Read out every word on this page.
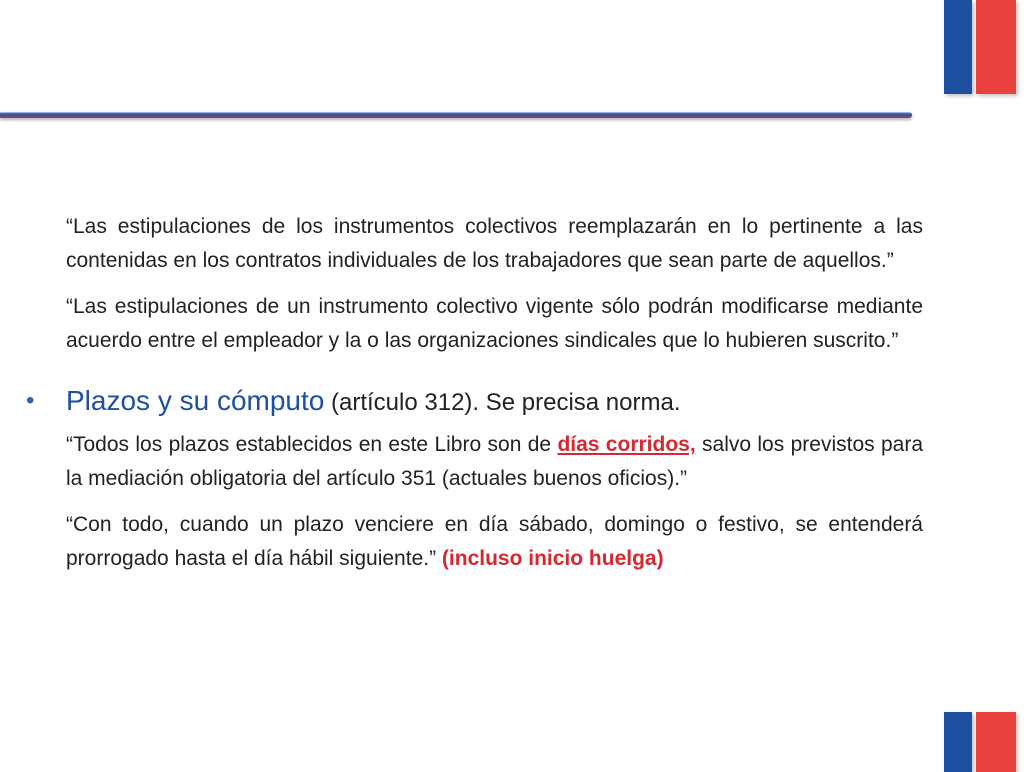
“Las estipulaciones de los instrumentos colectivos reemplazarán en lo pertinente a las contenidas en los contratos individuales de los trabajadores que sean parte de aquellos.”

“Las estipulaciones de un instrumento colectivo vigente sólo podrán modificarse mediante acuerdo entre el empleador y la o las organizaciones sindicales que lo hubieren suscrito.”

• Plazos y su cómputo (artículo 312). Se precisa norma.

“Todos los plazos establecidos en este Libro son de días corridos, salvo los previstos para la mediación obligatoria del artículo 351 (actuales buenos oficios).”

“Con todo, cuando un plazo venciere en día sábado, domingo o festivo, se entenderá prorrogado hasta el día hábil siguiente.” (incluso inicio huelga)
